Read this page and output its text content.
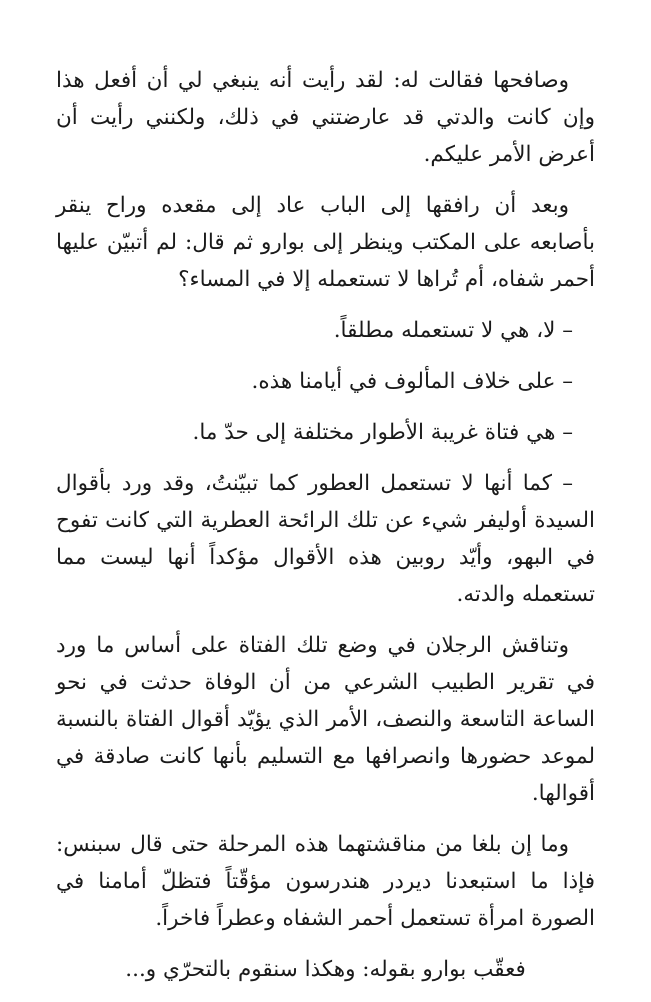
وصافحها فقالت له: لقد رأيت أنه ينبغي لي أن أفعل هذا وإن كانت والدتي قد عارضتني في ذلك، ولكنني رأيت أن أعرض الأمر عليكم.

وبعد أن رافقها إلى الباب عاد إلى مقعده وراح ينقر بأصابعه على المكتب وينظر إلى بوارو ثم قال: لم أتبيّن عليها أحمر شفاه، أم تُراها لا تستعمله إلا في المساء؟

– لا، هي لا تستعمله مطلقاً.

– على خلاف المألوف في أيامنا هذه.

– هي فتاة غريبة الأطوار مختلفة إلى حدّ ما.

– كما أنها لا تستعمل العطور كما تبيّنتُ، وقد ورد بأقوال السيدة أوليفر شيء عن تلك الرائحة العطرية التي كانت تفوح في البهو، وأيّد روبين هذه الأقوال مؤكداً أنها ليست مما تستعمله والدته.

وتناقش الرجلان في وضع تلك الفتاة على أساس ما ورد في تقرير الطبيب الشرعي من أن الوفاة حدثت في نحو الساعة التاسعة والنصف، الأمر الذي يؤيّد أقوال الفتاة بالنسبة لموعد حضورها وانصرافها مع التسليم بأنها كانت صادقة في أقوالها.

وما إن بلغا من مناقشتهما هذه المرحلة حتى قال سبنس: فإذا ما استبعدنا ديردر هندرسون مؤقّتاً فتظلّ أمامنا في الصورة امرأة تستعمل أحمر الشفاه وعطراً فاخراً.

فعقّب بوارو بقوله: وهكذا سنقوم بالتحرّي و...
